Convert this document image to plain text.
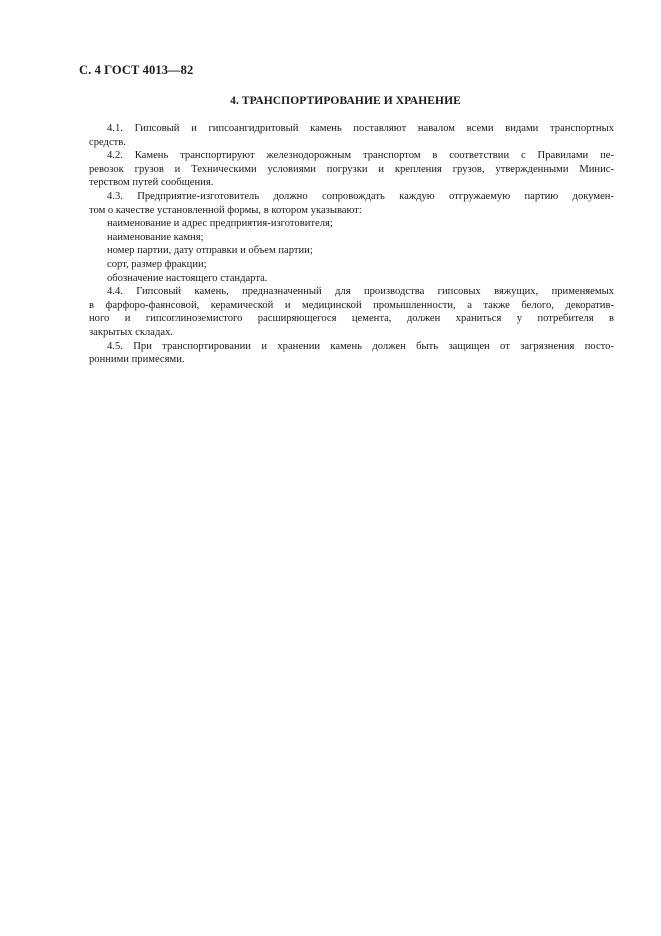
С. 4 ГОСТ 4013—82
4. ТРАНСПОРТИРОВАНИЕ И ХРАНЕНИЕ
4.1. Гипсовый и гипсоангидритовый камень поставляют навалом всеми видами транспортных
средств.
4.2. Камень транспортируют железнодорожным транспортом в соответствии с Правилами пе-
ревозок грузов и Техническими условиями погрузки и крепления грузов, утвержденными Минис-
терством путей сообщения.
4.3. Предприятие-изготовитель должно сопровождать каждую отгружаемую партию докумен-
том о качестве установленной формы, в котором указывают:
наименование и адрес предприятия-изготовителя;
наименование камня;
номер партии, дату отправки и объем партии;
сорт, размер фракции;
обозначение настоящего стандарта.
4.4. Гипсовый камень, предназначенный для производства гипсовых вяжущих, применяемых
в фарфоро-фаянсовой, керамической и медицинской промышленности, а также белого, декоратив-
ного и гипсоглиноземистого расширяющегося цемента, должен храниться у потребителя в
закрытых складах.
4.5. При транспортировании и хранении камень должен быть защищен от загрязнения посто-
ронними примесями.
